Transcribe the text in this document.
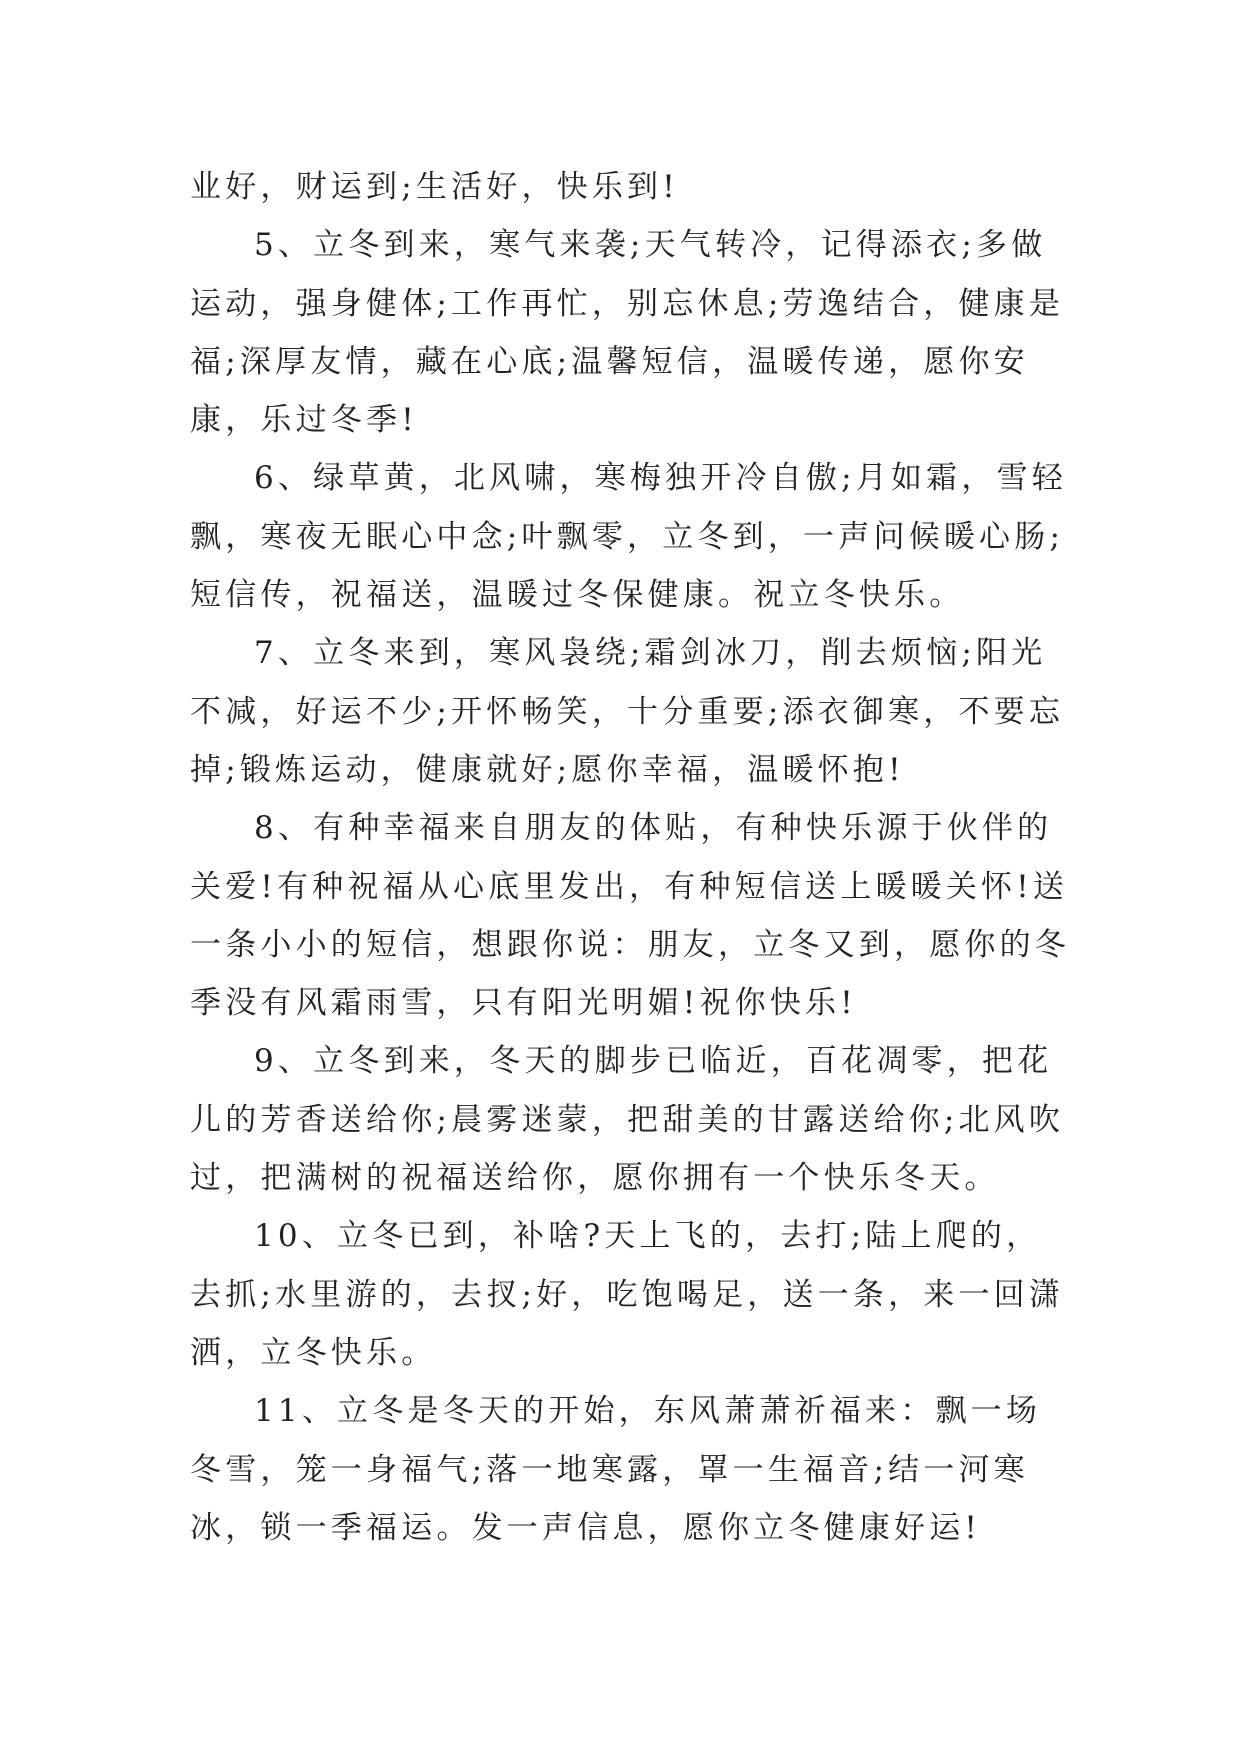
业好，财运到;生活好，快乐到!

5、立冬到来，寒气来袭;天气转冷，记得添衣;多做运动，强身健体;工作再忙，别忘休息;劳逸结合，健康是福;深厚友情，藏在心底;温馨短信，温暖传递，愿你安康，乐过冬季!

6、绿草黄，北风啸，寒梅独开冷自傲;月如霜，雪轻飘，寒夜无眠心中念;叶飘零，立冬到，一声问候暖心肠;短信传，祝福送，温暖过冬保健康。祝立冬快乐。

7、立冬来到，寒风袅绕;霜剑冰刀，削去烦恼;阳光不减，好运不少;开怀畅笑，十分重要;添衣御寒，不要忘掉;锻炼运动，健康就好;愿你幸福，温暖怀抱!

8、有种幸福来自朋友的体贴，有种快乐源于伙伴的关爱!有种祝福从心底里发出，有种短信送上暖暖关怀!送一条小小的短信，想跟你说：朋友，立冬又到，愿你的冬季没有风霜雨雪，只有阳光明媚!祝你快乐!

9、立冬到来，冬天的脚步已临近，百花凋零，把花儿的芳香送给你;晨雾迷蒙，把甜美的甘露送给你;北风吹过，把满树的祝福送给你，愿你拥有一个快乐冬天。

10、立冬已到，补啥?天上飞的，去打;陆上爬的，去抓;水里游的，去扠;好，吃饱喝足，送一条，来一回潇洒，立冬快乐。

11、立冬是冬天的开始，东风萧萧祈福来：飘一场冬雪，笼一身福气;落一地寒露，罩一生福音;结一河寒冰，锁一季福运。发一声信息，愿你立冬健康好运!
